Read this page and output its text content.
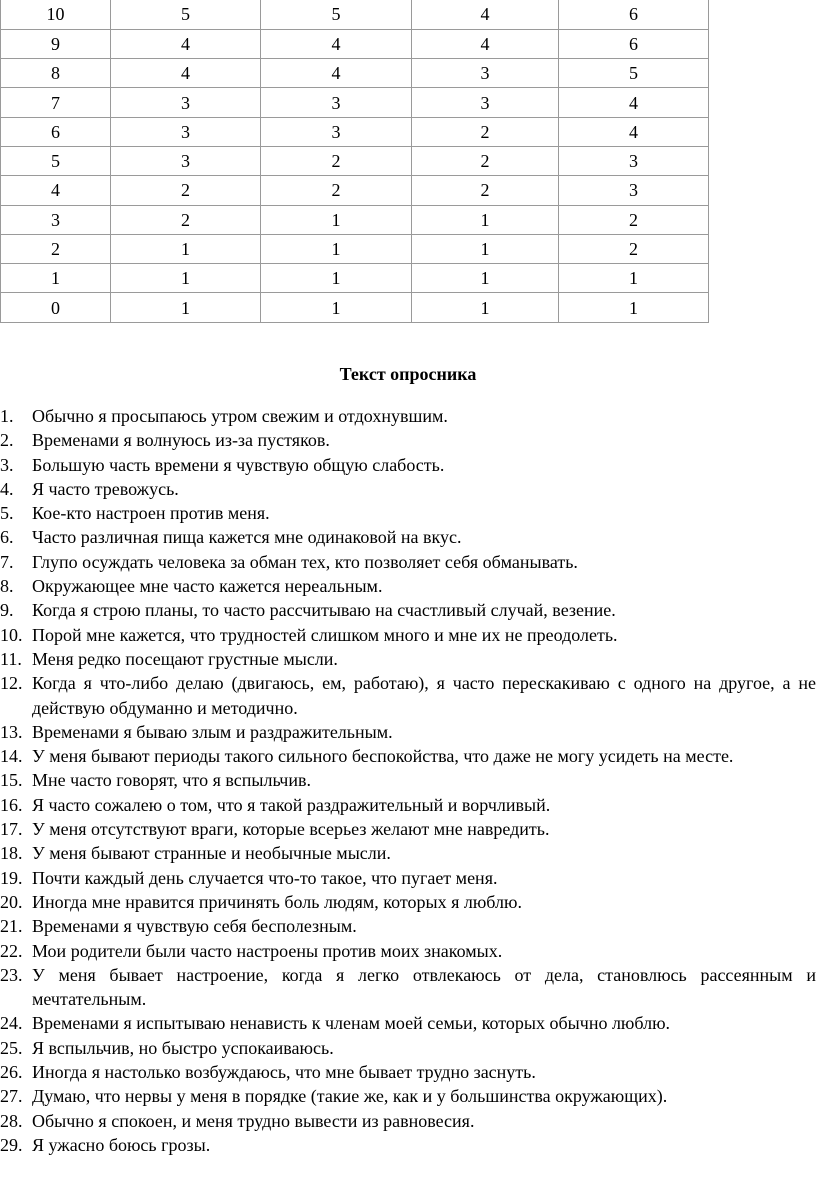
10	5	5	4	6
9	4	4	4	6
8	4	4	3	5
7	3	3	3	4
6	3	3	2	4
5	3	2	2	3
4	2	2	2	3
3	2	1	1	2
2	1	1	1	2
1	1	1	1	1
0	1	1	1	1
Текст опросника
1.	Обычно я просыпаюсь утром свежим и отдохнувшим.
2.	Временами я волнуюсь из-за пустяков.
3.	Большую часть времени я чувствую общую слабость.
4.	Я часто тревожусь.
5.	Кое-кто настроен против меня.
6.	Часто различная пища кажется мне одинаковой на вкус.
7.	Глупо осуждать человека за обман тех, кто позволяет себя обманывать.
8.	Окружающее мне часто кажется нереальным.
9.	Когда я строю планы, то часто рассчитываю на счастливый случай, везение.
10. Порой мне кажется, что трудностей слишком много и мне их не преодолеть.
11. Меня редко посещают грустные мысли.
12. Когда я что-либо делаю (двигаюсь, ем, работаю), я часто перескакиваю с одного на другое, а не действую обдуманно и методично.
13. Временами я бываю злым и раздражительным.
14. У меня бывают периоды такого сильного беспокойства, что даже не могу усидеть на месте.
15. Мне часто говорят, что я вспыльчив.
16. Я часто сожалею о том, что я такой раздражительный и ворчливый.
17. У меня отсутствуют враги, которые всерьез желают мне навредить.
18. У меня бывают странные и необычные мысли.
19. Почти каждый день случается что-то такое, что пугает меня.
20. Иногда мне нравится причинять боль людям, которых я люблю.
21. Временами я чувствую себя бесполезным.
22. Мои родители были часто настроены против моих знакомых.
23. У меня бывает настроение, когда я легко отвлекаюсь от дела, становлюсь рассеянным и мечтательным.
24. Временами я испытываю ненависть к членам моей семьи, которых обычно люблю.
25. Я вспыльчив, но быстро успокаиваюсь.
26. Иногда я настолько возбуждаюсь, что мне бывает трудно заснуть.
27. Думаю, что нервы у меня в порядке (такие же, как и у большинства окружающих).
28. Обычно я спокоен, и меня трудно вывести из равновесия.
29. Я ужасно боюсь грозы.
